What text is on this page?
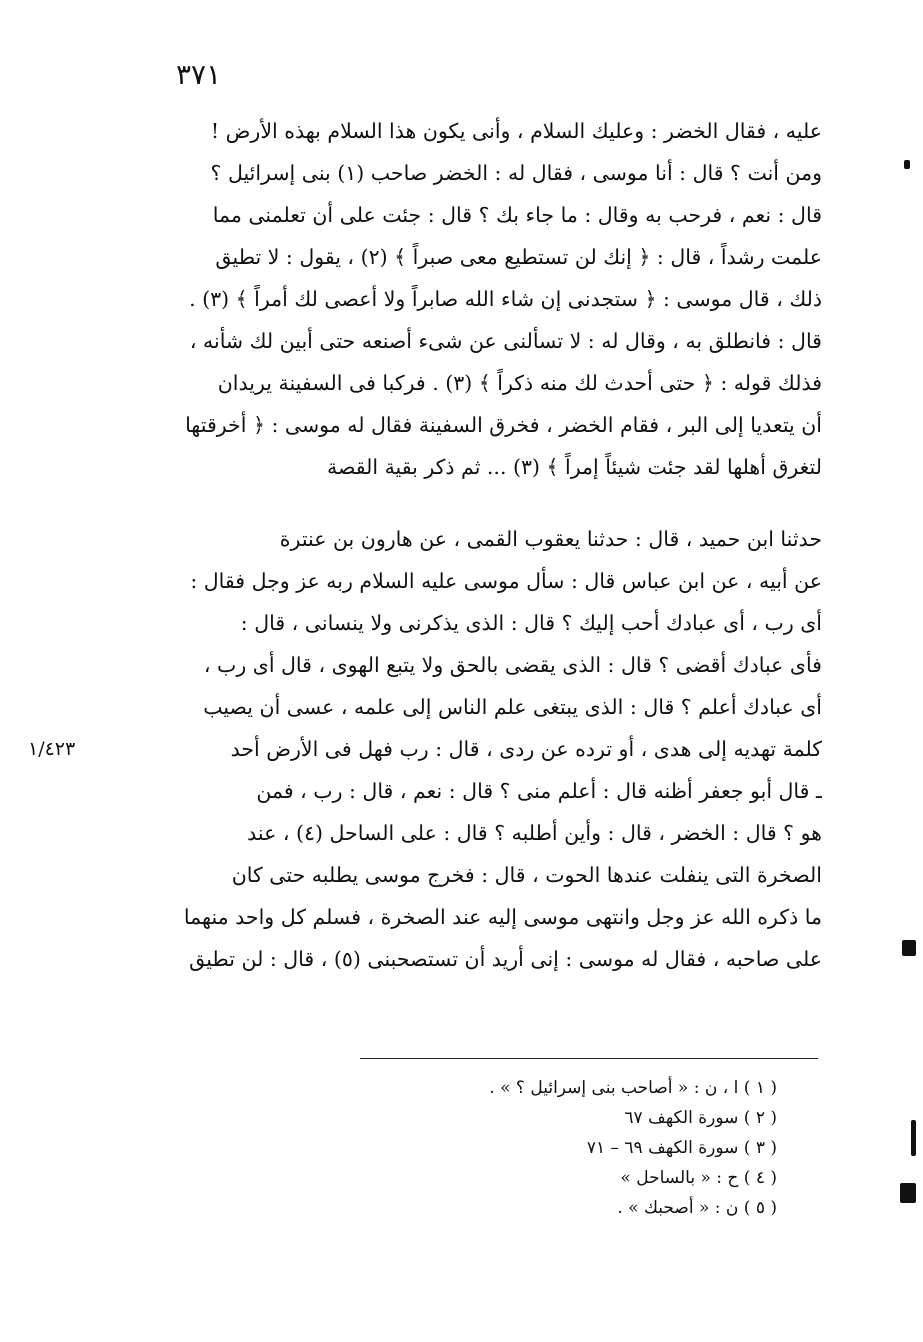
٣٧١
١/٤٢٣
عليه ، فقال الخضر : وعليك السلام ، وأنى يكون هذا السلام بهذه الأرض !
ومن أنت ؟ قال : أنا موسى ، فقال له : الخضر صاحب (١) بنى إسرائيل ؟
قال : نعم ، فرحب به وقال : ما جاء بك ؟ قال : جئت على أن تعلمنى مما
علمت رشداً ، قال : ﴿ إنك لن تستطيع معى صبراً ﴾ (٢) ، يقول : لا تطيق
ذلك ، قال موسى : ﴿ ستجدنى إن شاء الله صابراً ولا أعصى لك أمراً ﴾ (٣) .
قال : فانطلق به ، وقال له : لا تسألنى عن شىء أصنعه حتى أبين لك شأنه ،
فذلك قوله : ﴿ حتى أحدث لك منه ذكراً ﴾ (٣) . فركبا فى السفينة يريدان
أن يتعديا إلى البر ، فقام الخضر ، فخرق السفينة فقال له موسى : ﴿ أخرقتها
لتغرق أهلها لقد جئت شيئاً إمراً ﴾ (٣) ... ثم ذكر بقية القصة
حدثنا ابن حميد ، قال : حدثنا يعقوب القمى ، عن هارون بن عنترة
عن أبيه ، عن ابن عباس قال : سأل موسى عليه السلام ربه عز وجل فقال :
أى رب ، أى عبادك أحب إليك ؟ قال : الذى يذكرنى ولا ينسانى ، قال :
فأى عبادك أقضى ؟ قال : الذى يقضى بالحق ولا يتبع الهوى ، قال أى رب ،
أى عبادك أعلم ؟ قال : الذى يبتغى علم الناس إلى علمه ، عسى أن يصيب
كلمة تهديه إلى هدى ، أو ترده عن ردى ، قال : رب فهل فى الأرض أحد
ـ قال أبو جعفر أظنه قال : أعلم منى ؟ قال : نعم ، قال : رب ، فمن
هو ؟ قال : الخضر ، قال : وأين أطلبه ؟ قال : على الساحل (٤) ، عند
الصخرة التى ينفلت عندها الحوت ، قال : فخرج موسى يطلبه حتى كان
ما ذكره الله عز وجل وانتهى موسى إليه عند الصخرة ، فسلم كل واحد منهما
على صاحبه ، فقال له موسى : إنى أريد أن تستصحبنى (٥) ، قال : لن تطيق
( ١ ) ا ، ن : « أصاحب بنى إسرائيل ؟ » .
( ٢ ) سورة الكهف ٦٧
( ٣ ) سورة الكهف ٦٩ – ٧١
( ٤ ) ح : « بالساحل »
( ٥ ) ن : « أصحبك » .
